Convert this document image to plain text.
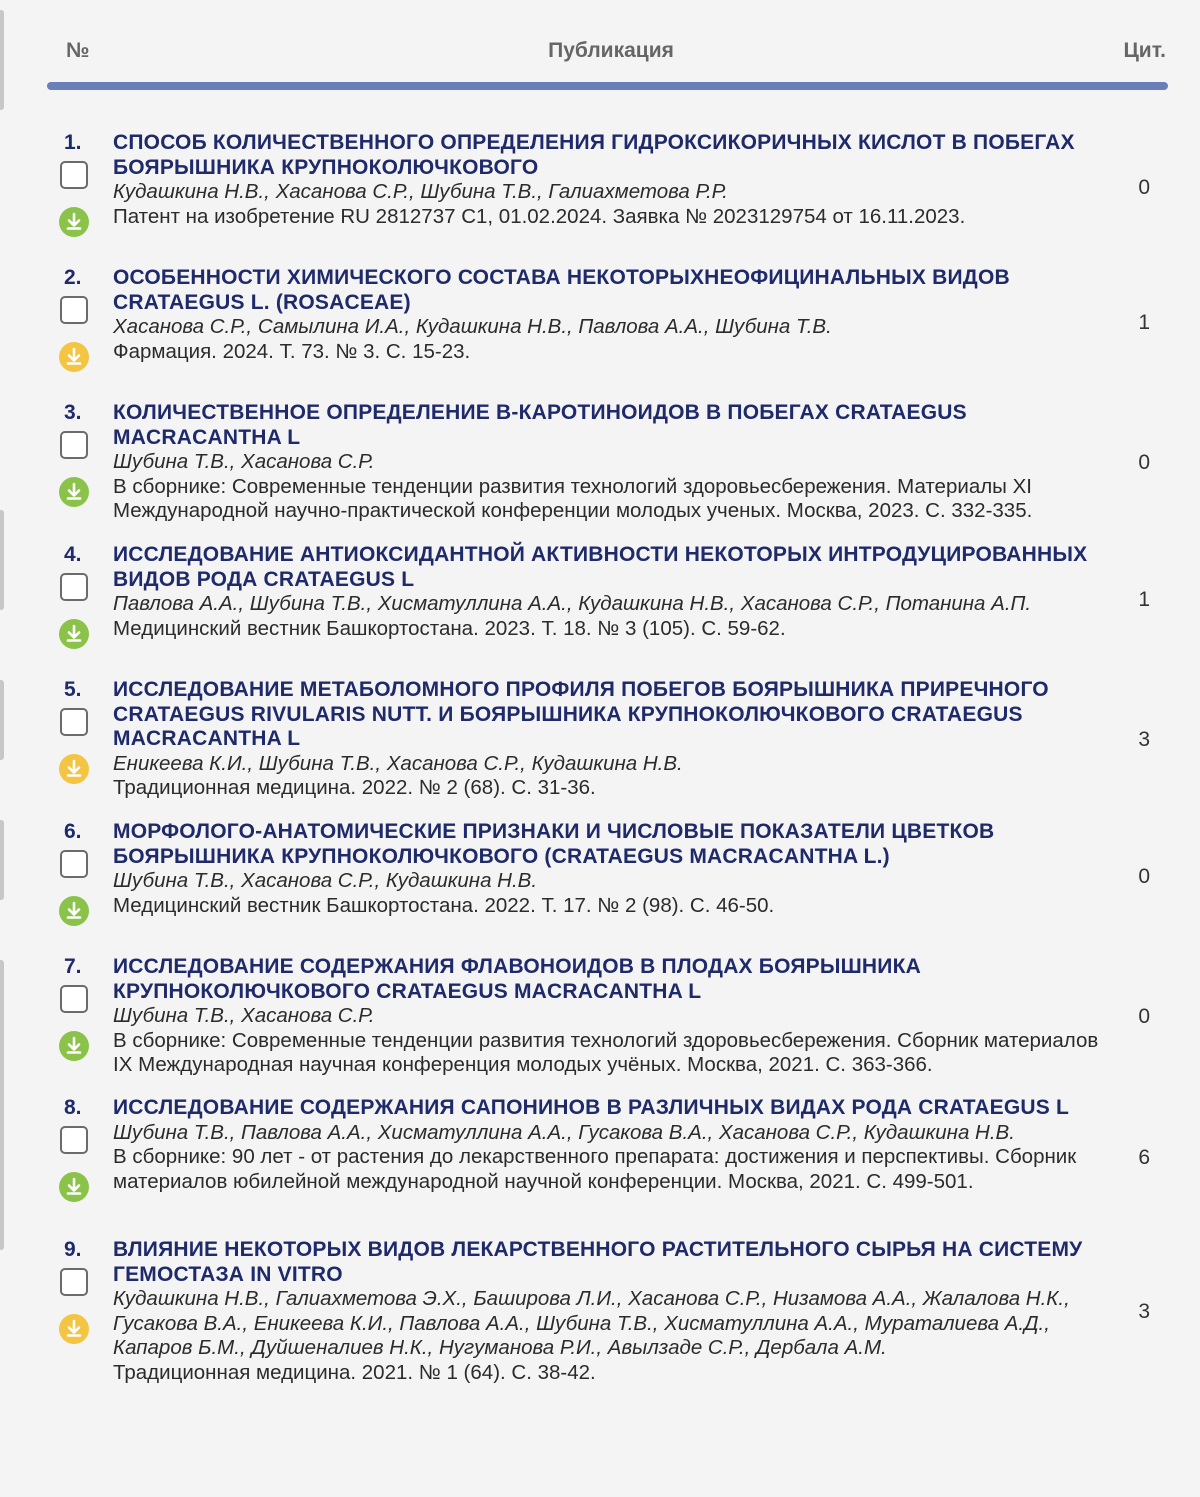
№	Публикация	Цит.
1. СПОСОБ КОЛИЧЕСТВЕННОГО ОПРЕДЕЛЕНИЯ ГИДРОКСИКОРИЧНЫХ КИСЛОТ В ПОБЕГАХ БОЯРЫШНИКА КРУПНОКОЛЮЧКОВОГО
Кудашкина Н.В., Хасанова С.Р., Шубина Т.В., Галиахметова Р.Р.
Патент на изобретение RU 2812737 C1, 01.02.2024. Заявка № 2023129754 от 16.11.2023.
0
2. ОСОБЕННОСТИ ХИМИЧЕСКОГО СОСТАВА НЕКОТОРЫХНЕОФИЦИНАЛЬНЫХ ВИДОВ CRATAEGUS L. (ROSACEAE)
Хасанова С.Р., Самылина И.А., Кудашкина Н.В., Павлова А.А., Шубина Т.В.
Фармация. 2024. Т. 73. № 3. С. 15-23.
1
3. КОЛИЧЕСТВЕННОЕ ОПРЕДЕЛЕНИЕ B-КАРОТИНОИДОВ В ПОБЕГАХ CRATAEGUS MACRACANTHA L
Шубина Т.В., Хасанова С.Р.
В сборнике: Современные тенденции развития технологий здоровьесбережения. Материалы XI Международной научно-практической конференции молодых ученых. Москва, 2023. С. 332-335.
0
4. ИССЛЕДОВАНИЕ АНТИОКСИДАНТНОЙ АКТИВНОСТИ НЕКОТОРЫХ ИНТРОДУЦИРОВАННЫХ ВИДОВ РОДА CRATAEGUS L
Павлова А.А., Шубина Т.В., Хисматуллина А.А., Кудашкина Н.В., Хасанова С.Р., Потанина А.П.
Медицинский вестник Башкортостана. 2023. Т. 18. № 3 (105). С. 59-62.
1
5. ИССЛЕДОВАНИЕ МЕТАБОЛОМНОГО ПРОФИЛЯ ПОБЕГОВ БОЯРЫШНИКА ПРИРЕЧНОГО CRATAEGUS RIVULARIS NUTT. И БОЯРЫШНИКА КРУПНОКОЛЮЧКОВОГО CRATAEGUS MACRACANTHA L
Еникеева К.И., Шубина Т.В., Хасанова С.Р., Кудашкина Н.В.
Традиционная медицина. 2022. № 2 (68). С. 31-36.
3
6. МОРФОЛОГО-АНАТОМИЧЕСКИЕ ПРИЗНАКИ И ЧИСЛОВЫЕ ПОКАЗАТЕЛИ ЦВЕТКОВ БОЯРЫШНИКА КРУПНОКОЛЮЧКОВОГО (CRATAEGUS MACRACANTHA L.)
Шубина Т.В., Хасанова С.Р., Кудашкина Н.В.
Медицинский вестник Башкортостана. 2022. Т. 17. № 2 (98). С. 46-50.
0
7. ИССЛЕДОВАНИЕ СОДЕРЖАНИЯ ФЛАВОНОИДОВ В ПЛОДАХ БОЯРЫШНИКА КРУПНОКОЛЮЧКОВОГО CRATAEGUS MACRACANTHA L
Шубина Т.В., Хасанова С.Р.
В сборнике: Современные тенденции развития технологий здоровьесбережения. Сборник материалов IX Международная научная конференция молодых учёных. Москва, 2021. С. 363-366.
0
8. ИССЛЕДОВАНИЕ СОДЕРЖАНИЯ САПОНИНОВ В РАЗЛИЧНЫХ ВИДАХ РОДА CRATAEGUS L
Шубина Т.В., Павлова А.А., Хисматуллина А.А., Гусакова В.А., Хасанова С.Р., Кудашкина Н.В.
В сборнике: 90 лет - от растения до лекарственного препарата: достижения и перспективы. Сборник материалов юбилейной международной научной конференции. Москва, 2021. С. 499-501.
6
9. ВЛИЯНИЕ НЕКОТОРЫХ ВИДОВ ЛЕКАРСТВЕННОГО РАСТИТЕЛЬНОГО СЫРЬЯ НА СИСТЕМУ ГЕМОСТАЗА IN VITRO
Кудашкина Н.В., Галиахметова Э.Х., Баширова Л.И., Хасанова С.Р., Низамова А.А., Жалалова Н.К., Гусакова В.А., Еникеева К.И., Павлова А.А., Шубина Т.В., Хисматуллина А.А., Мураталиева А.Д., Капаров Б.М., Дуйшеналиев Н.К., Нугуманова Р.И., Авылзаде С.Р., Дербала А.М.
Традиционная медицина. 2021. № 1 (64). С. 38-42.
3
